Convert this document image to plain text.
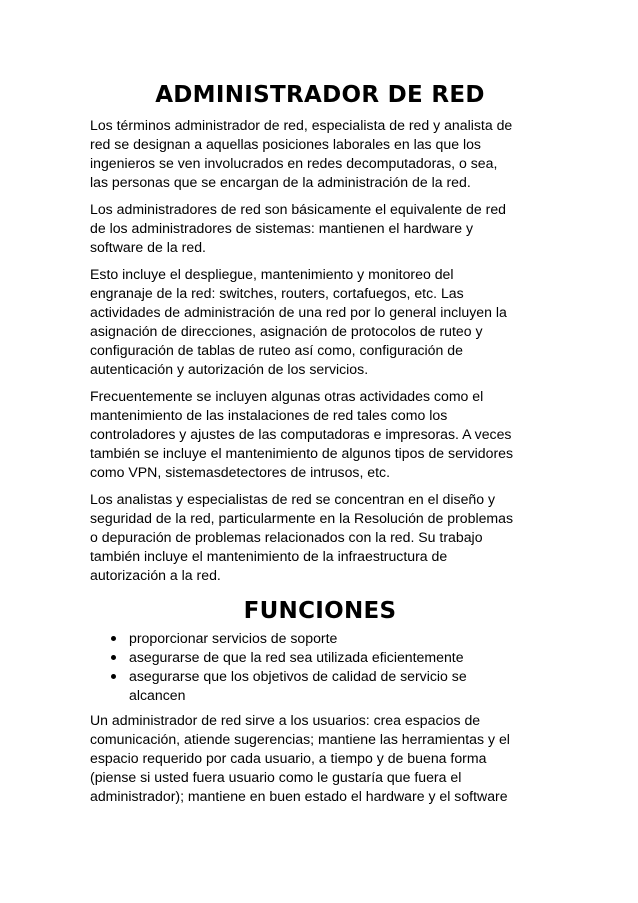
ADMINISTRADOR DE RED
Los términos administrador de red, especialista de red y analista de
red se designan a aquellas posiciones laborales en las que los
ingenieros se ven involucrados en redes decomputadoras, o sea,
las personas que se encargan de la administración de la red.
Los administradores de red son básicamente el equivalente de red
de los administradores de sistemas: mantienen el hardware y
software de la red.
Esto incluye el despliegue, mantenimiento y monitoreo del
engranaje de la red: switches, routers, cortafuegos, etc. Las
actividades de administración de una red por lo general incluyen la
asignación de direcciones, asignación de protocolos de ruteo y
configuración de tablas de ruteo así como, configuración de
autenticación y autorización de los servicios.
Frecuentemente se incluyen algunas otras actividades como el
mantenimiento de las instalaciones de red tales como los
controladores y ajustes de las computadoras e impresoras. A veces
también se incluye el mantenimiento de algunos tipos de servidores
como VPN, sistemasdetectores de intrusos, etc.
Los analistas y especialistas de red se concentran en el diseño y
seguridad de la red, particularmente en la Resolución de problemas
o depuración de problemas relacionados con la red. Su trabajo
también incluye el mantenimiento de la infraestructura de
autorización a la red.
FUNCIONES
proporcionar servicios de soporte
asegurarse de que la red sea utilizada eficientemente
asegurarse que los objetivos de calidad de servicio se
alcancen
Un administrador de red sirve a los usuarios: crea espacios de
comunicación, atiende sugerencias; mantiene las herramientas y el
espacio requerido por cada usuario, a tiempo y de buena forma
(piense si usted fuera usuario como le gustaría que fuera el
administrador); mantiene en buen estado el hardware y el software
